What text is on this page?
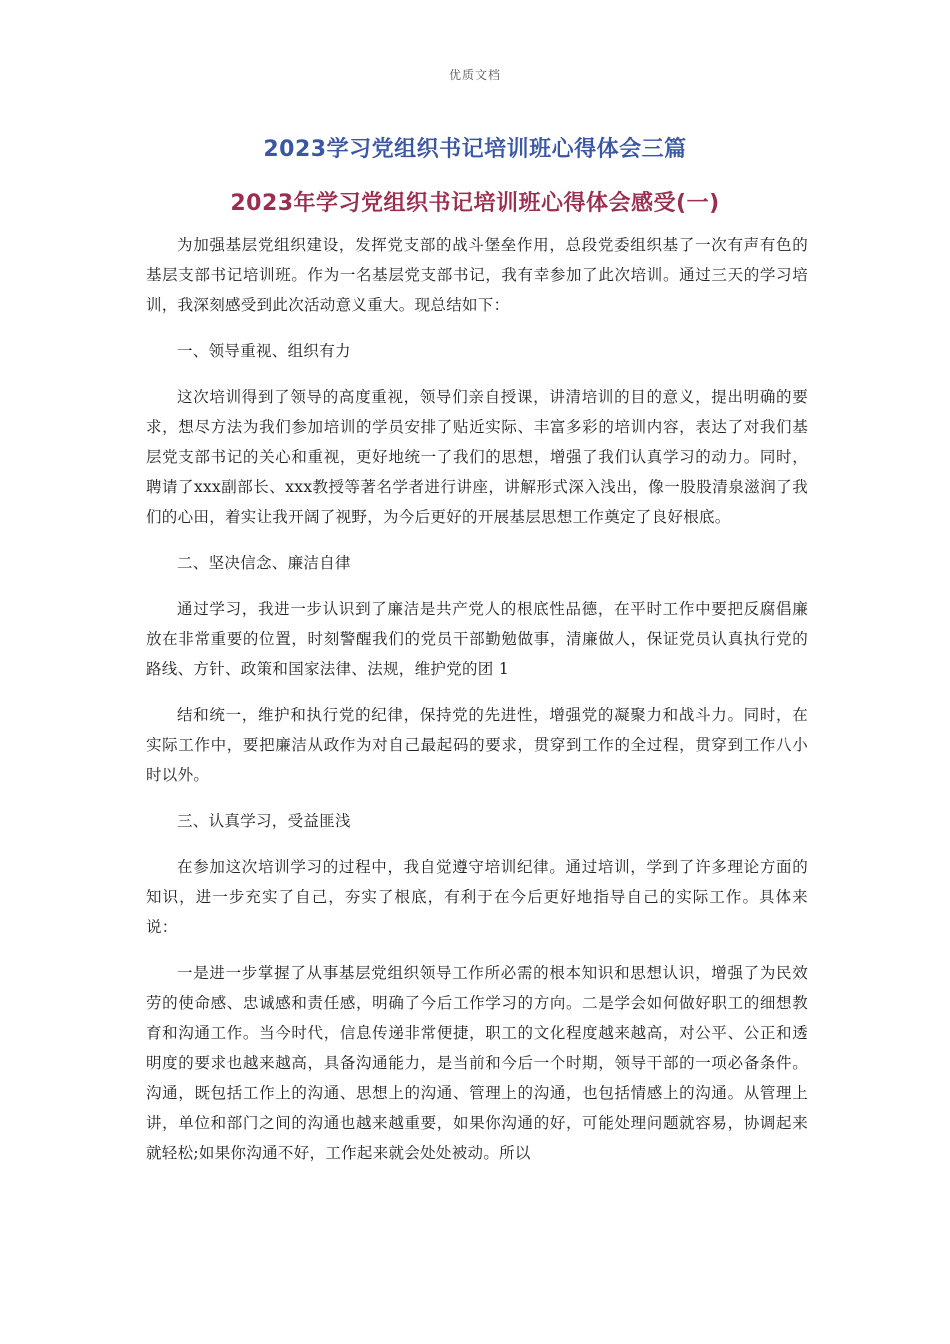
优质文档
2023学习党组织书记培训班心得体会三篇
2023年学习党组织书记培训班心得体会感受(一)

为加强基层党组织建设，发挥党支部的战斗堡垒作用，总段党委组织基了一次有声有色的基层支部书记培训班。作为一名基层党支部书记，我有幸参加了此次培训。通过三天的学习培训，我深刻感受到此次活动意义重大。现总结如下：

一、领导重视、组织有力

这次培训得到了领导的高度重视，领导们亲自授课，讲清培训的目的意义，提出明确的要求，想尽方法为我们参加培训的学员安排了贴近实际、丰富多彩的培训内容，表达了对我们基层党支部书记的关心和重视，更好地统一了我们的思想，增强了我们认真学习的动力。同时，聘请了xxx副部长、xxx教授等著名学者进行讲座，讲解形式深入浅出，像一股股清泉滋润了我们的心田，着实让我开阔了视野，为今后更好的开展基层思想工作奠定了良好根底。

二、坚决信念、廉洁自律

通过学习，我进一步认识到了廉洁是共产党人的根底性品德，在平时工作中要把反腐倡廉放在非常重要的位置，时刻警醒我们的党员干部勤勉做事，清廉做人，保证党员认真执行党的路线、方针、政策和国家法律、法规，维护党的团 1

结和统一，维护和执行党的纪律，保持党的先进性，增强党的凝聚力和战斗力。同时，在实际工作中，要把廉洁从政作为对自己最起码的要求，贯穿到工作的全过程，贯穿到工作八小时以外。

三、认真学习，受益匪浅

在参加这次培训学习的过程中，我自觉遵守培训纪律。通过培训，学到了许多理论方面的知识，进一步充实了自己，夯实了根底，有利于在今后更好地指导自己的实际工作。具体来说：

一是进一步掌握了从事基层党组织领导工作所必需的根本知识和思想认识，增强了为民效劳的使命感、忠诚感和责任感，明确了今后工作学习的方向。二是学会如何做好职工的细想教育和沟通工作。当今时代，信息传递非常便捷，职工的文化程度越来越高，对公平、公正和透明度的要求也越来越高，具备沟通能力，是当前和今后一个时期，领导干部的一项必备条件。沟通，既包括工作上的沟通、思想上的沟通、管理上的沟通，也包括情感上的沟通。从管理上讲，单位和部门之间的沟通也越来越重要，如果你沟通的好，可能处理问题就容易，协调起来就轻松;如果你沟通不好，工作起来就会处处被动。所以
